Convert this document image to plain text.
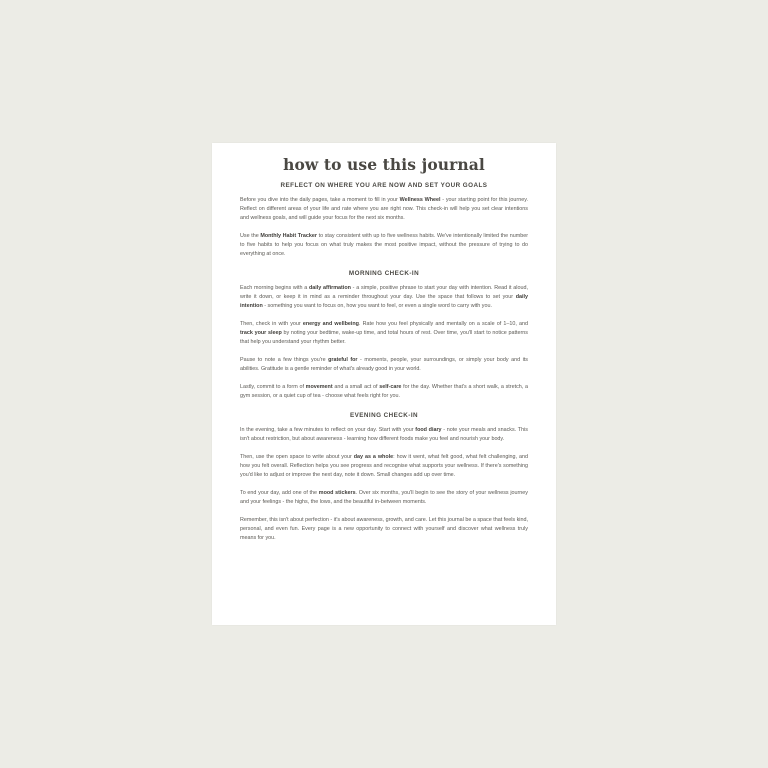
how to use this journal
REFLECT ON WHERE YOU ARE NOW AND SET YOUR GOALS

Before you dive into the daily pages, take a moment to fill in your Wellness Wheel - your starting point for this journey. Reflect on different areas of your life and rate where you are right now. This check-in will help you set clear intentions and wellness goals, and will guide your focus for the next six months.

Use the Monthly Habit Tracker to stay consistent with up to five wellness habits. We've intentionally limited the number to five habits to help you focus on what truly makes the most positive impact, without the pressure of trying to do everything at once.

MORNING CHECK-IN

Each morning begins with a daily affirmation - a simple, positive phrase to start your day with intention. Read it aloud, write it down, or keep it in mind as a reminder throughout your day. Use the space that follows to set your daily intention - something you want to focus on, how you want to feel, or even a single word to carry with you.

Then, check in with your energy and wellbeing. Rate how you feel physically and mentally on a scale of 1–10, and track your sleep by noting your bedtime, wake-up time, and total hours of rest. Over time, you'll start to notice patterns that help you understand your rhythm better.

Pause to note a few things you're grateful for - moments, people, your surroundings, or simply your body and its abilities. Gratitude is a gentle reminder of what's already good in your world.

Lastly, commit to a form of movement and a small act of self-care for the day. Whether that's a short walk, a stretch, a gym session, or a quiet cup of tea - choose what feels right for you.

EVENING CHECK-IN

In the evening, take a few minutes to reflect on your day. Start with your food diary - note your meals and snacks. This isn't about restriction, but about awareness - learning how different foods make you feel and nourish your body.

Then, use the open space to write about your day as a whole: how it went, what felt good, what felt challenging, and how you felt overall. Reflection helps you see progress and recognise what supports your wellness. If there's something you'd like to adjust or improve the next day, note it down. Small changes add up over time.

To end your day, add one of the mood stickers. Over six months, you'll begin to see the story of your wellness journey and your feelings - the highs, the lows, and the beautiful in-between moments.

Remember, this isn't about perfection - it's about awareness, growth, and care. Let this journal be a space that feels kind, personal, and even fun. Every page is a new opportunity to connect with yourself and discover what wellness truly means for you.
